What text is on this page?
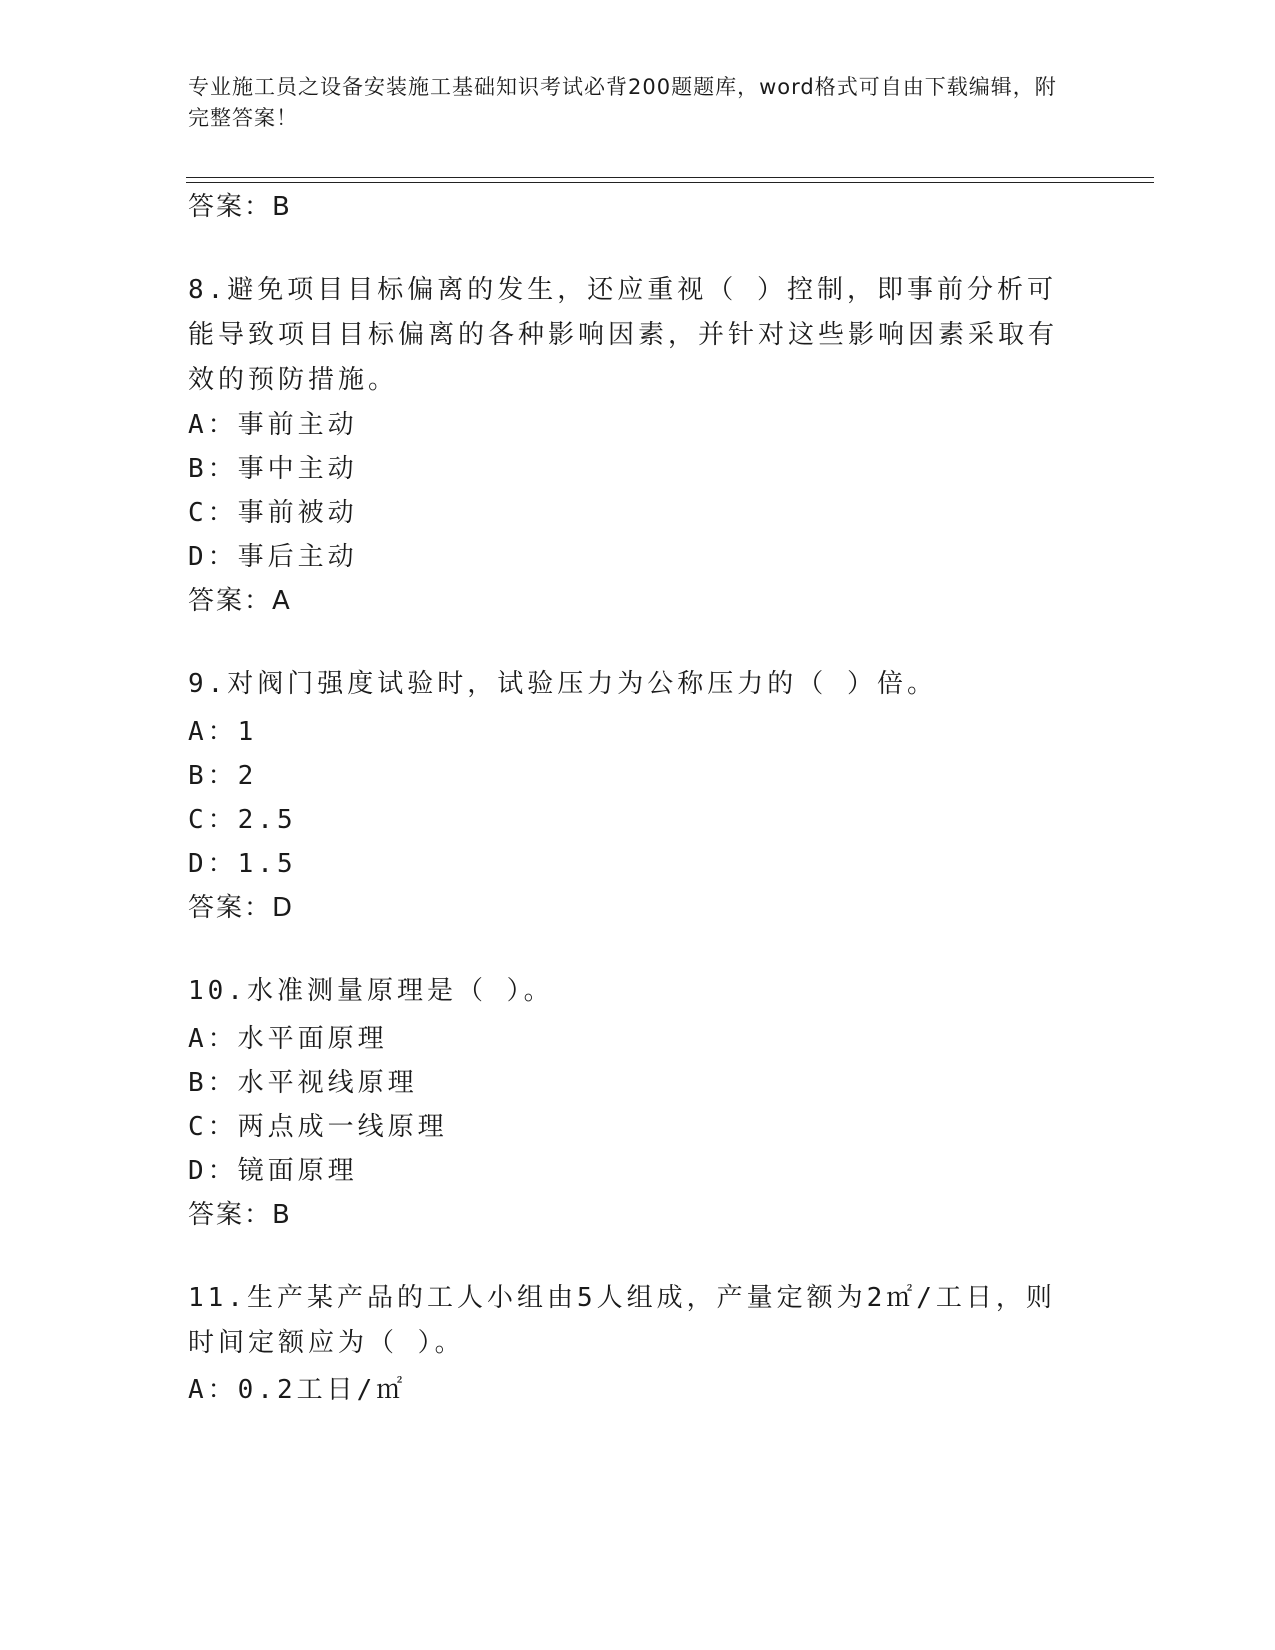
专业施工员之设备安装施工基础知识考试必背200题题库，word格式可自由下载编辑，附完整答案！
答案：B
8.避免项目目标偏离的发生，还应重视（ ）控制，即事前分析可能导致项目目标偏离的各种影响因素，并针对这些影响因素采取有效的预防措施。
A：事前主动
B：事中主动
C：事前被动
D：事后主动
答案：A
9.对阀门强度试验时，试验压力为公称压力的（ ）倍。
A：1
B：2
C：2.5
D：1.5
答案：D
10.水准测量原理是（ ）。
A：水平面原理
B：水平视线原理
C：两点成一线原理
D：镜面原理
答案：B
11.生产某产品的工人小组由5人组成，产量定额为2㎡/工日，则时间定额应为（ ）。
A：0.2工日/㎡
